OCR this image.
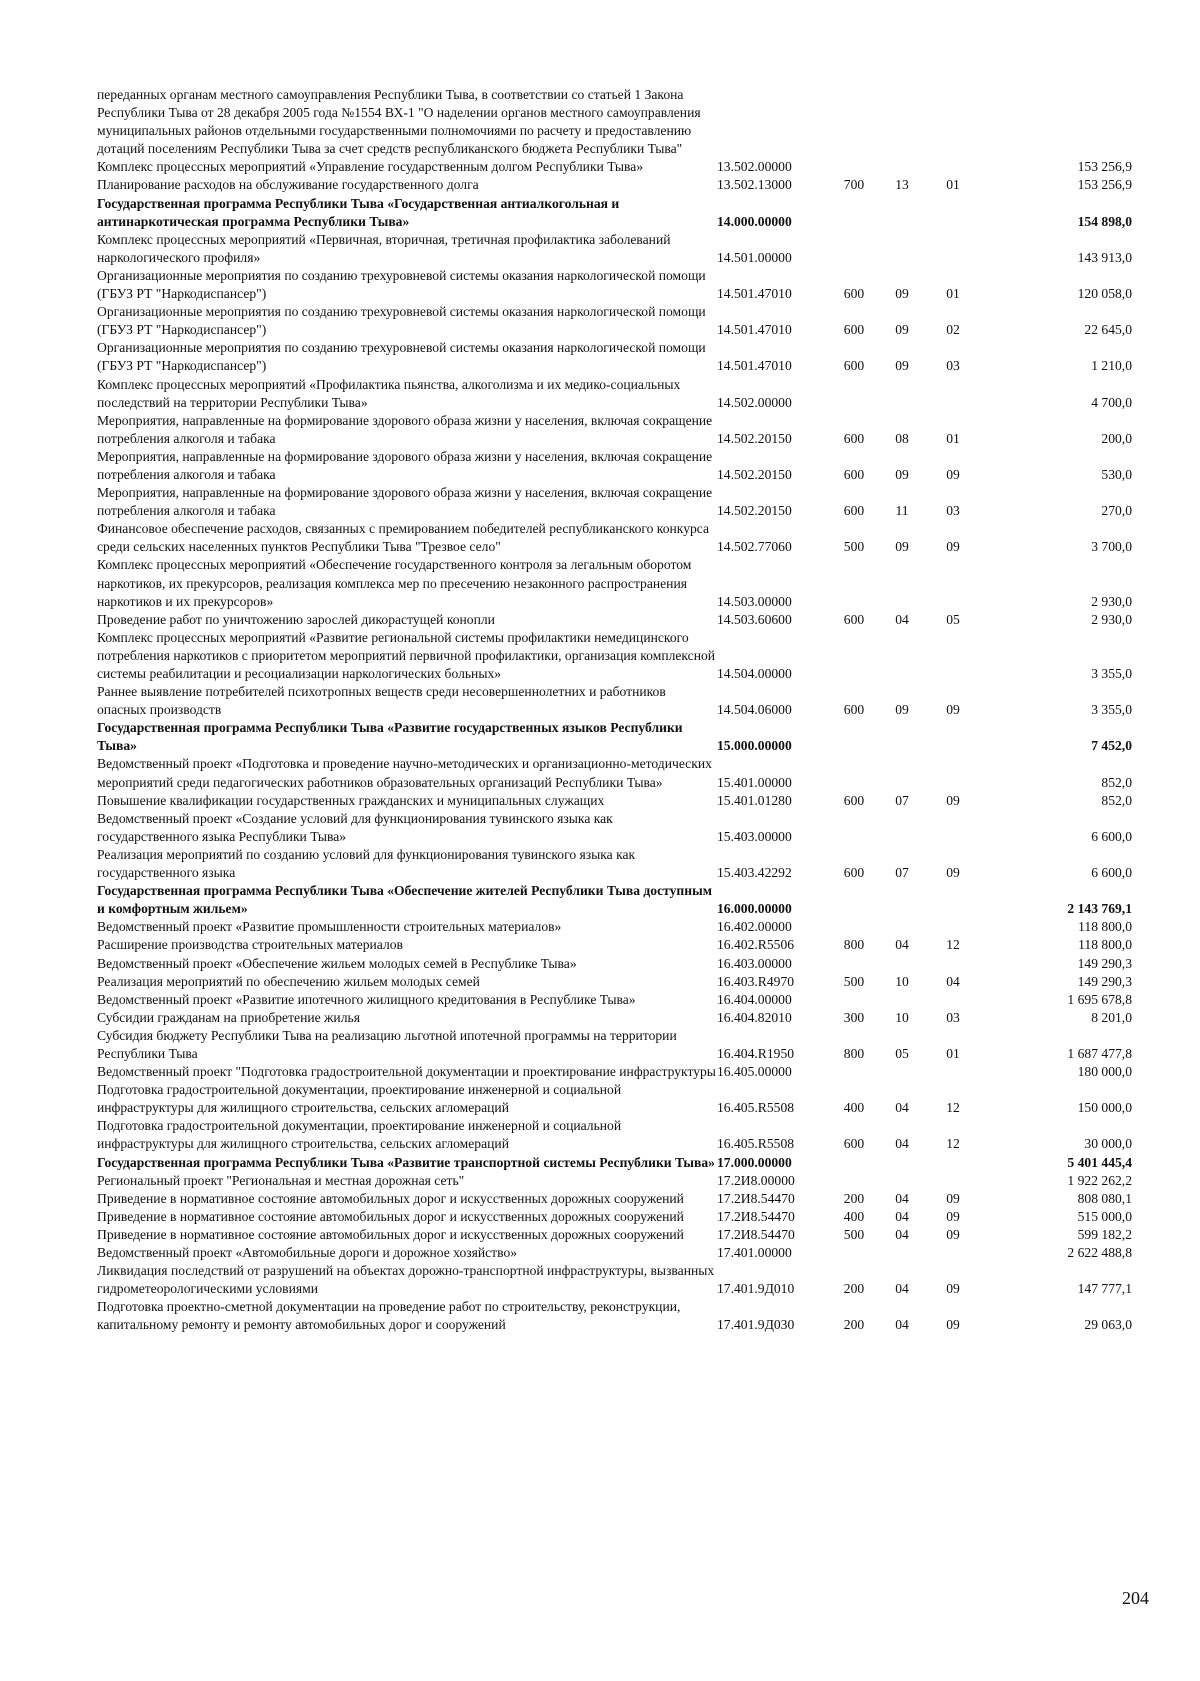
переданных органам местного самоуправления Республики Тыва, в соответствии со статьей 1 Закона Республики Тыва от 28 декабря 2005 года №1554 ВХ-1 "О наделении органов местного самоуправления муниципальных районов отдельными государственными полномочиями по расчету и предоставлению дотаций поселениям Республики Тыва за счет средств республиканского бюджета Республики Тыва"					
Комплекс процессных мероприятий «Управление государственным долгом Республики Тыва»	13.502.00000				153 256,9
Планирование расходов на обслуживание государственного долга	13.502.13000	700	13	01	153 256,9
Государственная программа Республики Тыва «Государственная антиалкогольная и антинаркотическая программа Республики Тыва»	14.000.00000				154 898,0
Комплекс процессных мероприятий «Первичная, вторичная, третичная профилактика заболеваний наркологического профиля»	14.501.00000				143 913,0
Организационные мероприятия по созданию трехуровневой системы оказания наркологической помощи (ГБУЗ РТ "Наркодиспансер")	14.501.47010	600	09	01	120 058,0
Организационные мероприятия по созданию трехуровневой системы оказания наркологической помощи (ГБУЗ РТ "Наркодиспансер")	14.501.47010	600	09	02	22 645,0
Организационные мероприятия по созданию трехуровневой системы оказания наркологической помощи (ГБУЗ РТ "Наркодиспансер")	14.501.47010	600	09	03	1 210,0
Комплекс процессных мероприятий «Профилактика пьянства, алкоголизма и их медико-социальных последствий на территории Республики Тыва»	14.502.00000				4 700,0
Мероприятия, направленные на формирование здорового образа жизни у населения, включая сокращение потребления алкоголя и табака	14.502.20150	600	08	01	200,0
Мероприятия, направленные на формирование здорового образа жизни у населения, включая сокращение потребления алкоголя и табака	14.502.20150	600	09	09	530,0
Мероприятия, направленные на формирование здорового образа жизни у населения, включая сокращение потребления алкоголя и табака	14.502.20150	600	11	03	270,0
Финансовое обеспечение расходов, связанных с премированием победителей республиканского конкурса среди сельских населенных пунктов Республики Тыва "Трезвое село"	14.502.77060	500	09	09	3 700,0
Комплекс процессных мероприятий «Обеспечение государственного контроля за легальным оборотом наркотиков, их прекурсоров, реализация комплекса мер по пресечению незаконного распространения наркотиков и их прекурсоров»	14.503.00000				2 930,0
Проведение работ по уничтожению зарослей дикорастущей конопли	14.503.60600	600	04	05	2 930,0
Комплекс процессных мероприятий «Развитие региональной системы профилактики немедицинского потребления наркотиков с приоритетом мероприятий первичной профилактики, организация комплексной системы реабилитации и ресоциализации наркологических больных»	14.504.00000				3 355,0
Раннее выявление потребителей психотропных веществ среди несовершеннолетних и работников опасных производств	14.504.06000	600	09	09	3 355,0
Государственная программа Республики Тыва «Развитие государственных языков Республики Тыва»	15.000.00000				7 452,0
Ведомственный проект «Подготовка и проведение научно-методических и организационно-методических мероприятий среди педагогических работников образовательных организаций Республики Тыва»	15.401.00000				852,0
Повышение квалификации государственных гражданских и муниципальных служащих	15.401.01280	600	07	09	852,0
Ведомственный проект «Создание условий для функционирования тувинского языка как государственного языка Республики Тыва»	15.403.00000				6 600,0
Реализация мероприятий по созданию условий для функционирования тувинского языка как государственного языка	15.403.42292	600	07	09	6 600,0
Государственная программа Республики Тыва «Обеспечение жителей Республики Тыва доступным и комфортным жильем»	16.000.00000				2 143 769,1
Ведомственный проект «Развитие промышленности строительных материалов»	16.402.00000				118 800,0
Расширение производства строительных материалов	16.402.R5506	800	04	12	118 800,0
Ведомственный проект «Обеспечение жильем молодых семей в Республике Тыва»	16.403.00000				149 290,3
Реализация мероприятий по обеспечению жильем молодых семей	16.403.R4970	500	10	04	149 290,3
Ведомственный проект «Развитие ипотечного жилищного кредитования в Республике Тыва»	16.404.00000				1 695 678,8
Субсидии гражданам на приобретение жилья	16.404.82010	300	10	03	8 201,0
Субсидия бюджету Республики Тыва на реализацию льготной ипотечной программы на территории Республики Тыва	16.404.R1950	800	05	01	1 687 477,8
Ведомственный проект "Подготовка градостроительной документации и проектирование инфраструктуры	16.405.00000				180 000,0
Подготовка градостроительной документации, проектирование инженерной и социальной инфраструктуры для жилищного строительства, сельских агломераций	16.405.R5508	400	04	12	150 000,0
Подготовка градостроительной документации, проектирование инженерной и социальной инфраструктуры для жилищного строительства, сельских агломераций	16.405.R5508	600	04	12	30 000,0
Государственная программа Республики Тыва «Развитие транспортной системы Республики Тыва»	17.000.00000				5 401 445,4
Региональный проект "Региональная и местная дорожная сеть"	17.2И8.00000				1 922 262,2
Приведение в нормативное состояние автомобильных дорог и искусственных дорожных сооружений	17.2И8.54470	200	04	09	808 080,1
Приведение в нормативное состояние автомобильных дорог и искусственных дорожных сооружений	17.2И8.54470	400	04	09	515 000,0
Приведение в нормативное состояние автомобильных дорог и искусственных дорожных сооружений	17.2И8.54470	500	04	09	599 182,2
Ведомственный проект «Автомобильные дороги и дорожное хозяйство»	17.401.00000				2 622 488,8
Ликвидация последствий от разрушений на объектах дорожно-транспортной инфраструктуры, вызванных гидрометеорологическими условиями	17.401.9Д010	200	04	09	147 777,1
Подготовка проектно-сметной документации на проведение работ по строительству, реконструкции, капитальному ремонту и ремонту автомобильных дорог и сооружений	17.401.9Д030	200	04	09	29 063,0
204
